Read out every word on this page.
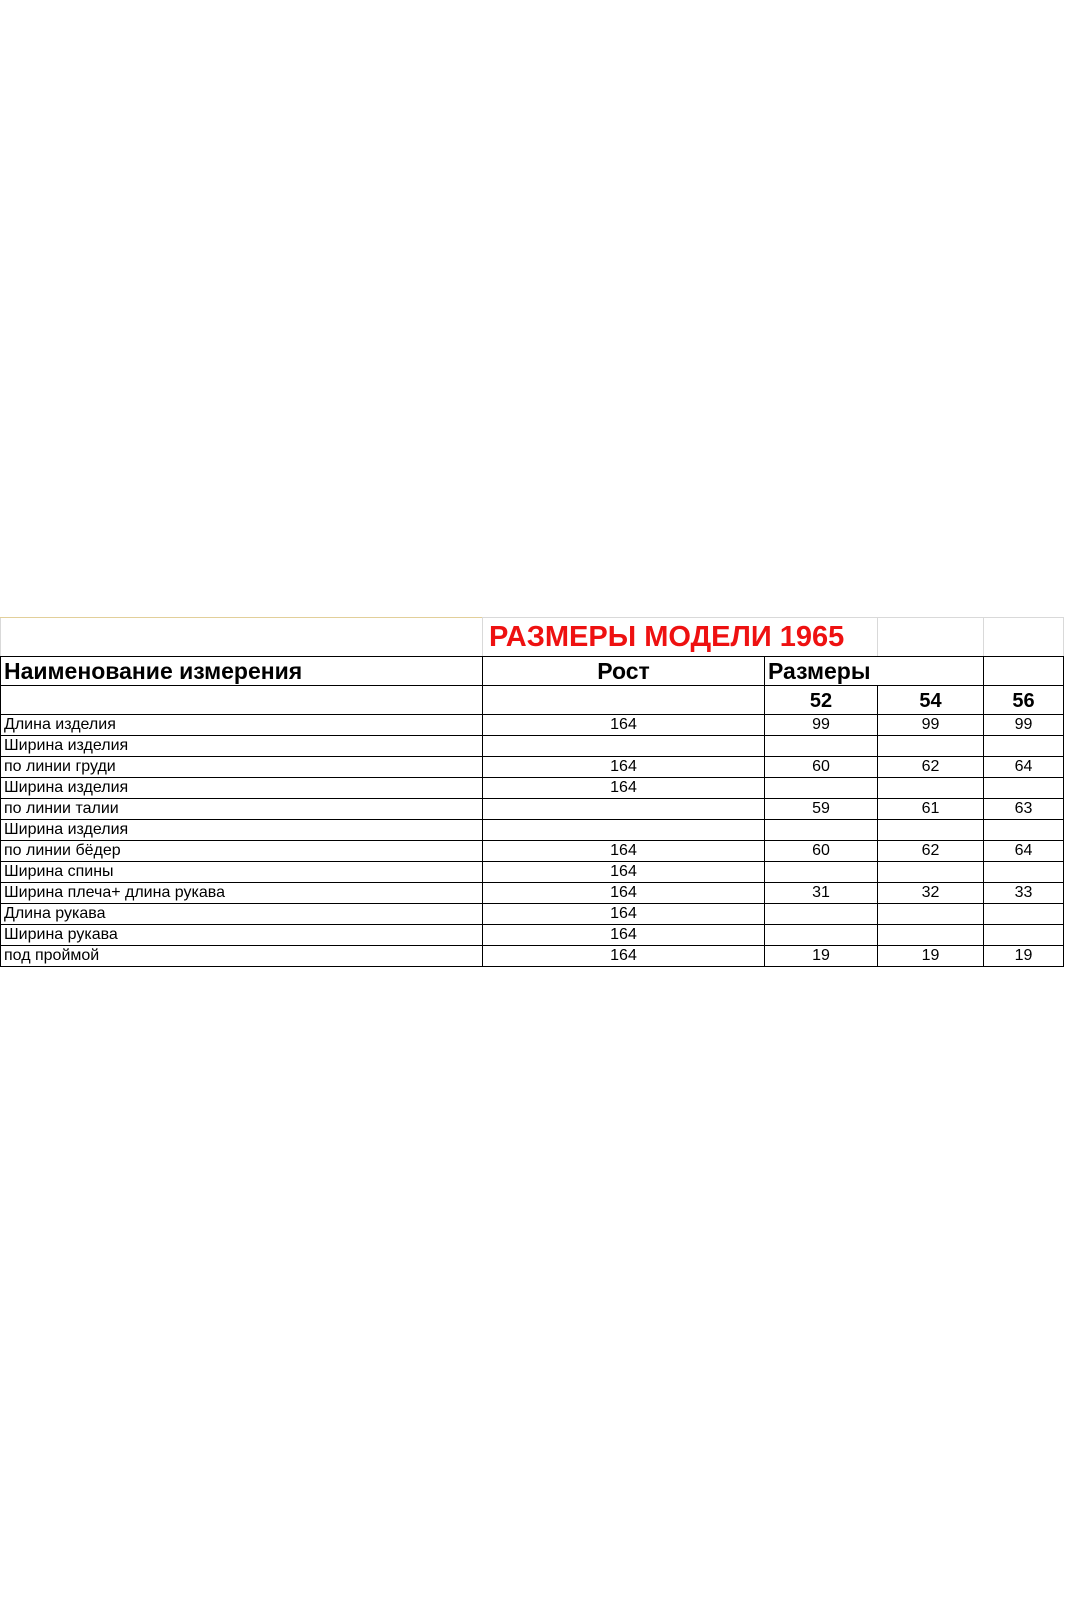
	РАЗМЕРЫ МОДЕЛИ 1965			
Наименование измерения	Рост	Размеры		
		52	54	56
Длина изделия	164	99	99	99
Ширина изделия				
по линии груди	164	60	62	64
Ширина изделия	164			
по линии талии		59	61	63
Ширина изделия				
по линии бёдер	164	60	62	64
Ширина спины	164			
Ширина плеча+ длина рукава	164	31	32	33
Длина рукава	164			
Ширина рукава	164			
под проймой	164	19	19	19
